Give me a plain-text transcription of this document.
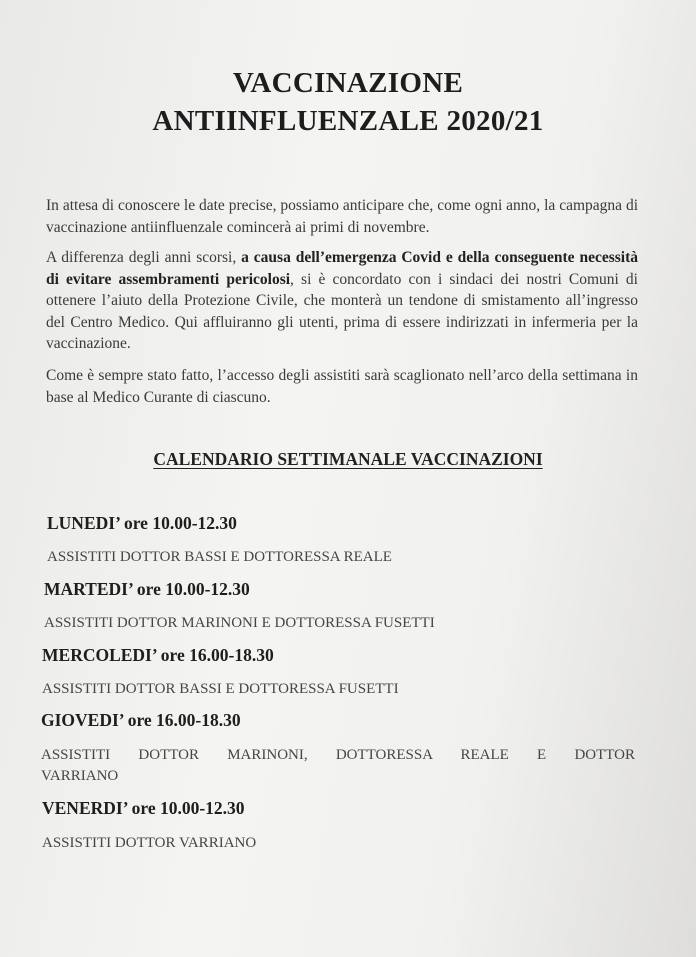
VACCINAZIONE
ANTIINFLUENZALE 2020/21

In attesa di conoscere le date precise, possiamo anticipare che, come ogni anno, la campagna di vaccinazione antiinfluenzale comincerà ai primi di novembre.

A differenza degli anni scorsi, a causa dell’emergenza Covid e della conseguente necessità di evitare assembramenti pericolosi, si è concordato con i sindaci dei nostri Comuni di ottenere l’aiuto della Protezione Civile, che monterà un tendone di smistamento all’ingresso del Centro Medico. Qui affluiranno gli utenti, prima di essere indirizzati in infermeria per la vaccinazione.

Come è sempre stato fatto, l’accesso degli assistiti sarà scaglionato nell’arco della settimana in base al Medico Curante di ciascuno.

CALENDARIO SETTIMANALE VACCINAZIONI
LUNEDI’ ore 10.00-12.30
ASSISTITI DOTTOR BASSI E DOTTORESSA REALE
MARTEDI’ ore 10.00-12.30
ASSISTITI DOTTOR MARINONI E DOTTORESSA FUSETTI
MERCOLEDI’ ore 16.00-18.30
ASSISTITI DOTTOR BASSI E DOTTORESSA FUSETTI
GIOVEDI’ ore 16.00-18.30
ASSISTITI DOTTOR MARINONI, DOTTORESSA REALE E DOTTOR
VARRIANO
VENERDI’ ore 10.00-12.30
ASSISTITI DOTTOR VARRIANO
